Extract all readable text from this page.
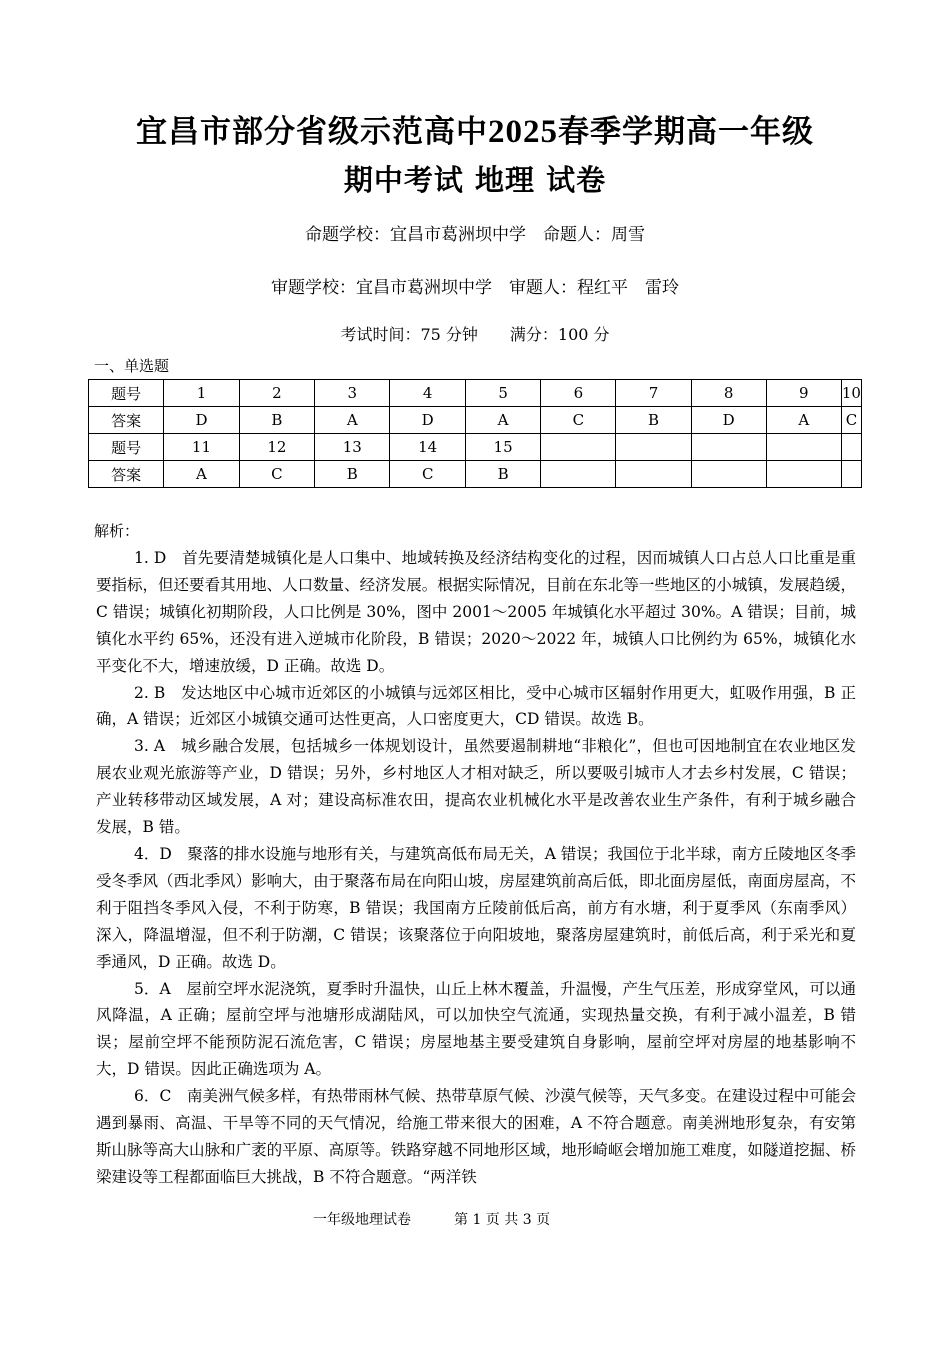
宜昌市部分省级示范高中2025春季学期高一年级
期中考试 地理 试卷
命题学校：宜昌市葛洲坝中学　命题人：周雪
审题学校：宜昌市葛洲坝中学　审题人：程红平　雷玲
考试时间：75 分钟　　满分：100 分
一、单选题
题号	1	2	3	4	5	6	7	8	9	10
答案	D	B	A	D	A	C	B	D	A	C
题号	11	12	13	14	15					
答案	A	C	B	C	B					
解析：

1. D　首先要清楚城镇化是人口集中、地域转换及经济结构变化的过程，因而城镇人口占总人口比重是重要指标，但还要看其用地、人口数量、经济发展。根据实际情况，目前在东北等一些地区的小城镇，发展趋缓，C 错误；城镇化初期阶段，人口比例是 30%，图中 2001～2005 年城镇化水平超过 30%。A 错误；目前，城镇化水平约 65%，还没有进入逆城市化阶段，B 错误；2020～2022 年，城镇人口比例约为 65%，城镇化水平变化不大，增速放缓，D 正确。故选 D。

2. B　发达地区中心城市近郊区的小城镇与远郊区相比，受中心城市区辐射作用更大，虹吸作用强，B 正确，A 错误；近郊区小城镇交通可达性更高，人口密度更大，CD 错误。故选 B。

3. A　城乡融合发展，包括城乡一体规划设计，虽然要遏制耕地“非粮化”，但也可因地制宜在农业地区发展农业观光旅游等产业，D 错误；另外，乡村地区人才相对缺乏，所以要吸引城市人才去乡村发展，C 错误；产业转移带动区域发展，A 对；建设高标准农田，提高农业机械化水平是改善农业生产条件，有利于城乡融合发展，B 错。

4．D　聚落的排水设施与地形有关，与建筑高低布局无关，A 错误；我国位于北半球，南方丘陵地区冬季受冬季风（西北季风）影响大，由于聚落布局在向阳山坡，房屋建筑前高后低，即北面房屋低，南面房屋高，不利于阻挡冬季风入侵，不利于防寒，B 错误；我国南方丘陵前低后高，前方有水塘，利于夏季风（东南季风）深入，降温增湿，但不利于防潮，C 错误；该聚落位于向阳坡地，聚落房屋建筑时，前低后高，利于采光和夏季通风，D 正确。故选 D。

5．A　屋前空坪水泥浇筑，夏季时升温快，山丘上林木覆盖，升温慢，产生气压差，形成穿堂风，可以通风降温，A 正确；屋前空坪与池塘形成湖陆风，可以加快空气流通，实现热量交换，有利于减小温差，B 错误；屋前空坪不能预防泥石流危害，C 错误；房屋地基主要受建筑自身影响，屋前空坪对房屋的地基影响不大，D 错误。因此正确选项为 A。

6．C　南美洲气候多样，有热带雨林气候、热带草原气候、沙漠气候等，天气多变。在建设过程中可能会遇到暴雨、高温、干旱等不同的天气情况，给施工带来很大的困难，A 不符合题意。南美洲地形复杂，有安第斯山脉等高大山脉和广袤的平原、高原等。铁路穿越不同地形区域，地形崎岖会增加施工难度，如隧道挖掘、桥梁建设等工程都面临巨大挑战，B 不符合题意。“两洋铁

一年级地理试卷	第 1 页 共 3 页
